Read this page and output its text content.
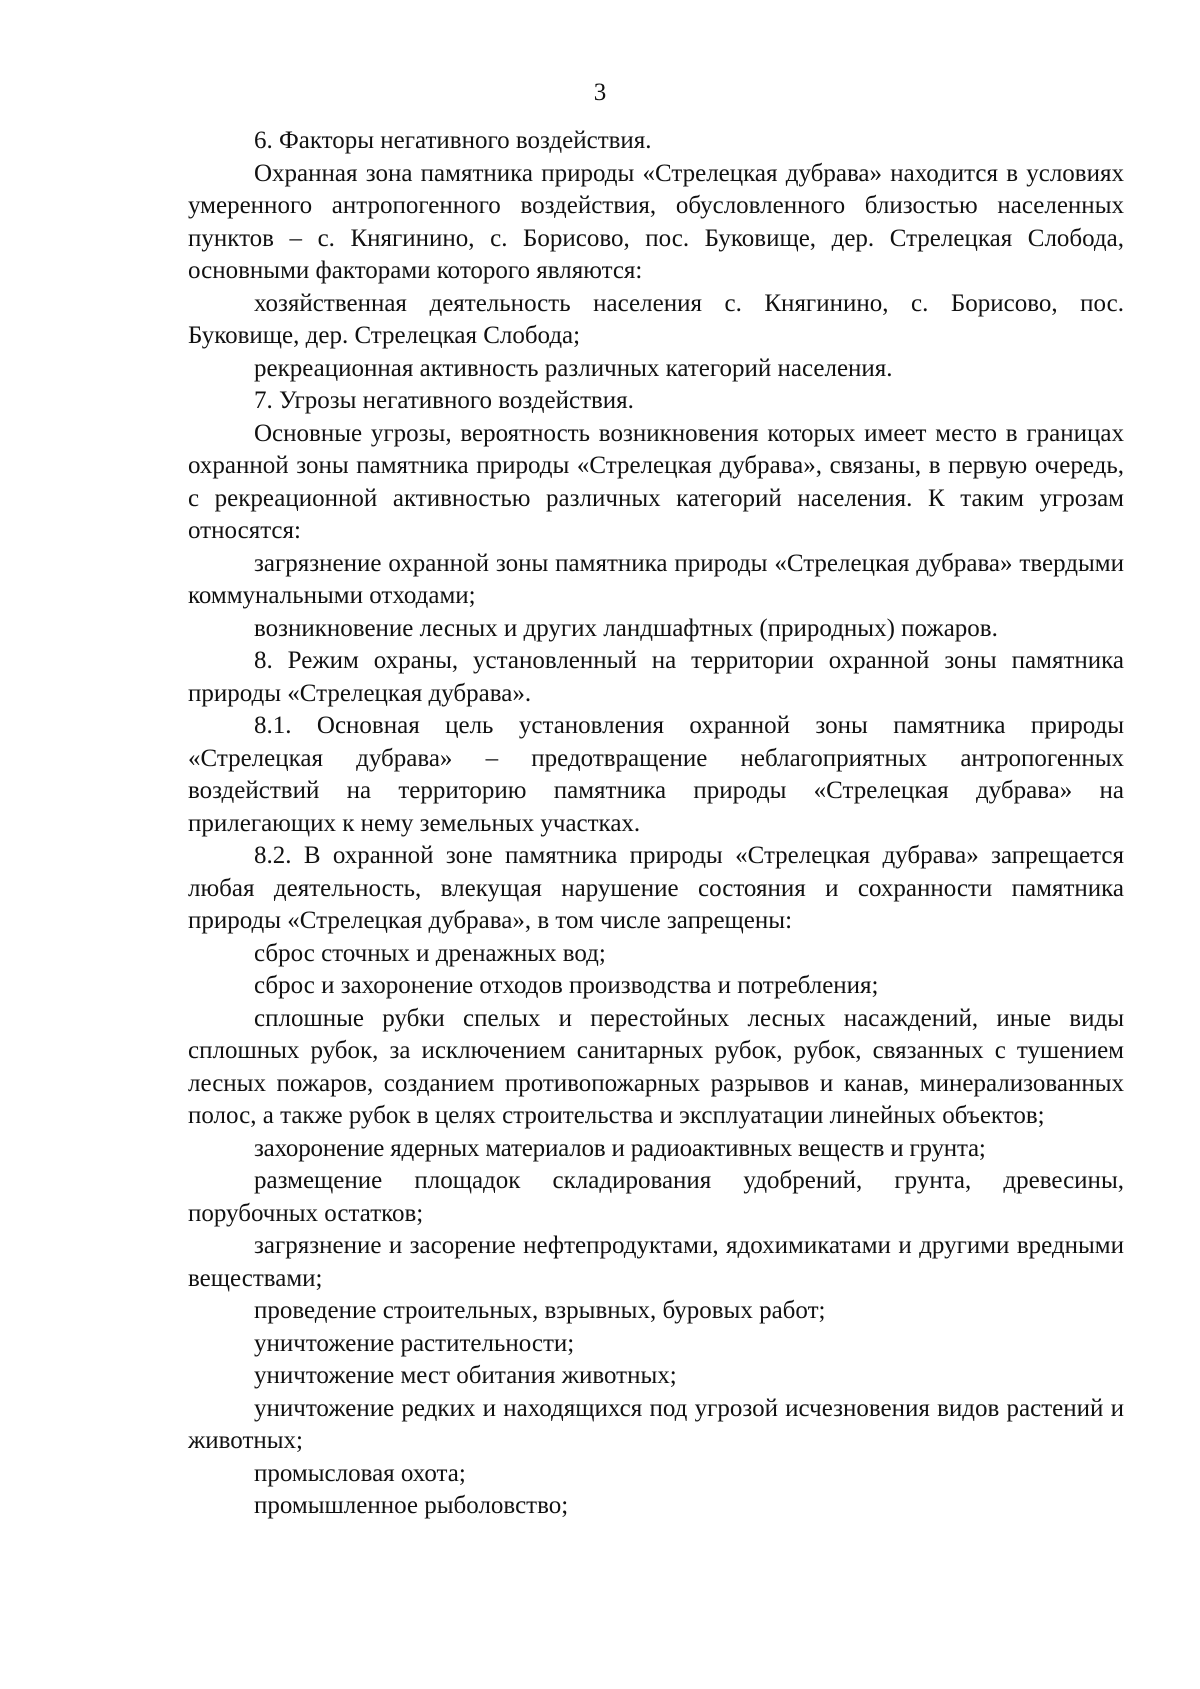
3

6. Факторы негативного воздействия.

Охранная зона памятника природы «Стрелецкая дубрава» находится в условиях умеренного антропогенного воздействия, обусловленного близостью населенных пунктов – с. Княгинино, с. Борисово, пос. Буковище, дер. Стрелецкая Слобода, основными факторами которого являются:

хозяйственная деятельность населения с. Княгинино, с. Борисово, пос. Буковище, дер. Стрелецкая Слобода;

рекреационная активность различных категорий населения.

7. Угрозы негативного воздействия.

Основные угрозы, вероятность возникновения которых имеет место в границах охранной зоны памятника природы «Стрелецкая дубрава», связаны, в первую очередь, с рекреационной активностью различных категорий населения. К таким угрозам относятся:

загрязнение охранной зоны памятника природы «Стрелецкая дубрава» твердыми коммунальными отходами;

возникновение лесных и других ландшафтных (природных) пожаров.

8. Режим охраны, установленный на территории охранной зоны памятника природы «Стрелецкая дубрава».

8.1. Основная цель установления охранной зоны памятника природы «Стрелецкая дубрава» – предотвращение неблагоприятных антропогенных воздействий на территорию памятника природы «Стрелецкая дубрава» на прилегающих к нему земельных участках.

8.2. В охранной зоне памятника природы «Стрелецкая дубрава» запрещается любая деятельность, влекущая нарушение состояния и сохранности памятника природы «Стрелецкая дубрава», в том числе запрещены:

сброс сточных и дренажных вод;

сброс и захоронение отходов производства и потребления;

сплошные рубки спелых и перестойных лесных насаждений, иные виды сплошных рубок, за исключением санитарных рубок, рубок, связанных с тушением лесных пожаров, созданием противопожарных разрывов и канав, минерализованных полос, а также рубок в целях строительства и эксплуатации линейных объектов;

захоронение ядерных материалов и радиоактивных веществ и грунта;

размещение площадок складирования удобрений, грунта, древесины, порубочных остатков;

загрязнение и засорение нефтепродуктами, ядохимикатами и другими вредными веществами;

проведение строительных, взрывных, буровых работ;

уничтожение растительности;

уничтожение мест обитания животных;

уничтожение редких и находящихся под угрозой исчезновения видов растений и животных;

промысловая охота;

промышленное рыболовство;
